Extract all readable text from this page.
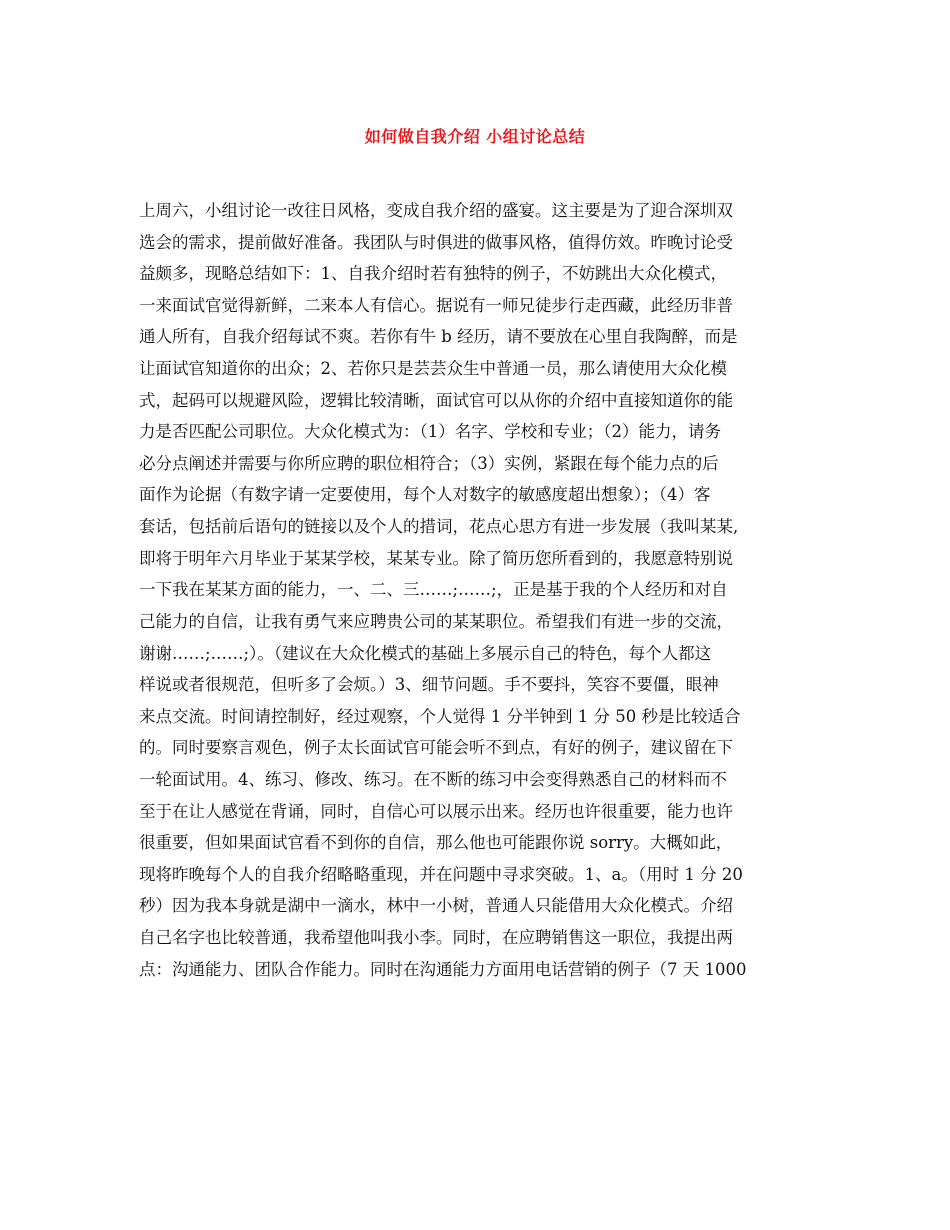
如何做自我介绍 小组讨论总结
上周六，小组讨论一改往日风格，变成自我介绍的盛宴。这主要是为了迎合深圳双
选会的需求，提前做好准备。我团队与时俱进的做事风格，值得仿效。昨晚讨论受
益颇多，现略总结如下：1、自我介绍时若有独特的例子，不妨跳出大众化模式，
一来面试官觉得新鲜，二来本人有信心。据说有一师兄徒步行走西藏，此经历非普
通人所有，自我介绍每试不爽。若你有牛 b 经历，请不要放在心里自我陶醉，而是
让面试官知道你的出众；2、若你只是芸芸众生中普通一员，那么请使用大众化模
式，起码可以规避风险，逻辑比较清晰，面试官可以从你的介绍中直接知道你的能
力是否匹配公司职位。大众化模式为：（1）名字、学校和专业；（2）能力，请务
必分点阐述并需要与你所应聘的职位相符合；（3）实例，紧跟在每个能力点的后
面作为论据（有数字请一定要使用，每个人对数字的敏感度超出想象）；（4）客
套话，包括前后语句的链接以及个人的措词，花点心思方有进一步发展（我叫某某,
即将于明年六月毕业于某某学校，某某专业。除了简历您所看到的，我愿意特别说
一下我在某某方面的能力，一、二、三……;……;，正是基于我的个人经历和对自
己能力的自信，让我有勇气来应聘贵公司的某某职位。希望我们有进一步的交流，
谢谢……;……;）。（建议在大众化模式的基础上多展示自己的特色，每个人都这
样说或者很规范，但听多了会烦。）3、细节问题。手不要抖，笑容不要僵，眼神
来点交流。时间请控制好，经过观察，个人觉得 1 分半钟到 1 分 50 秒是比较适合
的。同时要察言观色，例子太长面试官可能会听不到点，有好的例子，建议留在下
一轮面试用。4、练习、修改、练习。在不断的练习中会变得熟悉自己的材料而不
至于在让人感觉在背诵，同时，自信心可以展示出来。经历也许很重要，能力也许
很重要，但如果面试官看不到你的自信，那么他也可能跟你说 sorry。大概如此，
现将昨晚每个人的自我介绍略略重现，并在问题中寻求突破。1、a。（用时 1 分 20
秒）因为我本身就是湖中一滴水，林中一小树，普通人只能借用大众化模式。介绍
自己名字也比较普通，我希望他叫我小李。同时，在应聘销售这一职位，我提出两
点：沟通能力、团队合作能力。同时在沟通能力方面用电话营销的例子（7 天 1000
